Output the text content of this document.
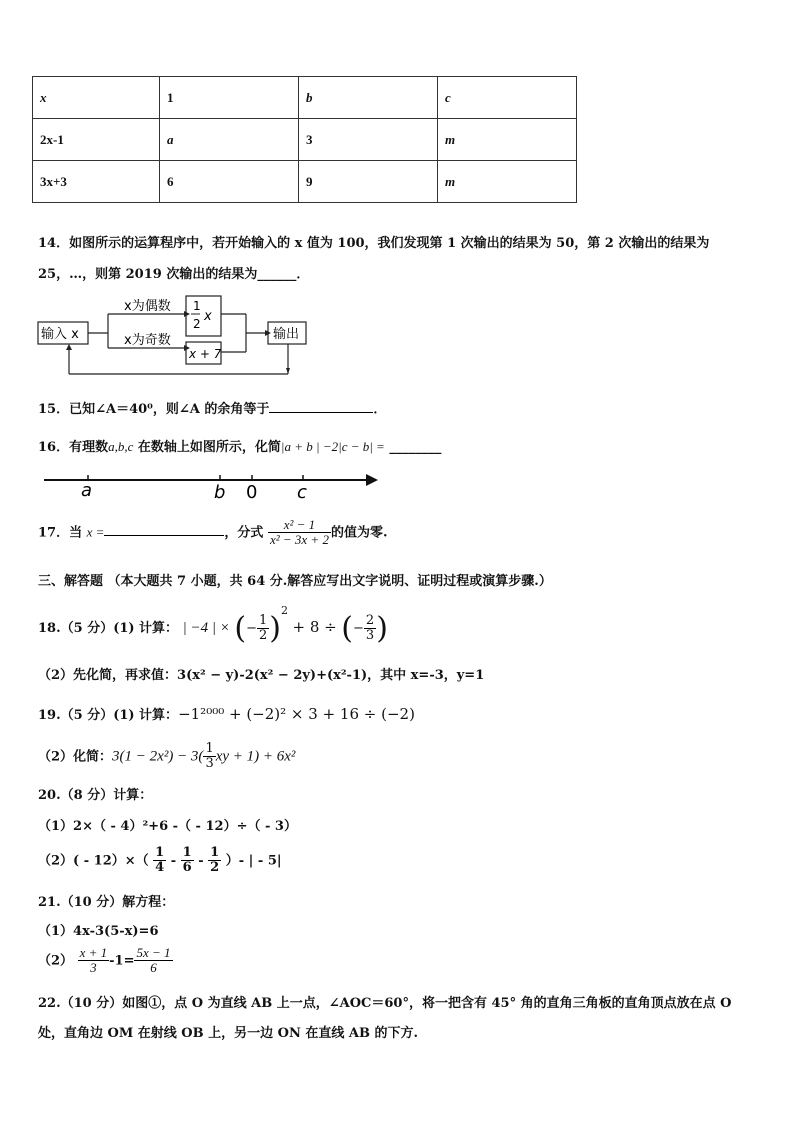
x	1	b	c
2x-1	a	3	m
3x+3	6	9	m
14．如图所示的运算程序中，若开始输入的 x 值为 100，我们发现第 1 次输出的结果为 50，第 2 次输出的结果为
25，…，则第 2019 次输出的结果为______．
输入 x
x为偶数
x为奇数
1
2 x
x + 7
输出
15．已知∠A＝40⁰，则∠A 的余角等于	．
16．有理数a,b,c 在数轴上如图所示，化简|a + b | −2|c − b| = ________
a	b 0 c
17．当 x =	，分式 $\frac{\text{x² − 1}}{\text{x² − 3x + 2}}$ 的值为零.
三、解答题 （本大题共 7 小题，共 64 分.解答应写出文字说明、证明过程或演算步骤.）
18.（5 分）(1) 计算： | −4 | × (− $\frac{1}{2} )^2 + 8$ ÷ (− $\frac{2}{3}$ )
（2）先化简，再求值：3(x² − y)-2(x² − 2y)+(x²-1)，其中 x=-3，y=1
19.（5 分）(1) 计算：−1²⁰⁰⁰ + (−2)² × 3 + 16 ÷ (−2)
（2）化简：$3(1 - 2x^2) - 3( \frac{1}{3}$ xy + 1) + 6x²
20.（8 分）计算：
（1）2×（ - 4）²+6 -（ - 12）÷（ - 3）
$(2)( - 12)\times( \frac{1}{4} - \frac{1}{6} - \frac{1}{2}$ ）- | - 5|
21.（10 分）解方程：
（1）4x-3(5-x)=6
$(2) \frac{x + 1}{3} -1= \frac{5x - 1}{6}$
22.（10 分）如图①，点 O 为直线 AB 上一点，∠AOC＝60°，将一把含有 45° 角的直角三角板的直角顶点放在点 O
处，直角边 OM 在射线 OB 上，另一边 ON 在直线 AB 的下方.
